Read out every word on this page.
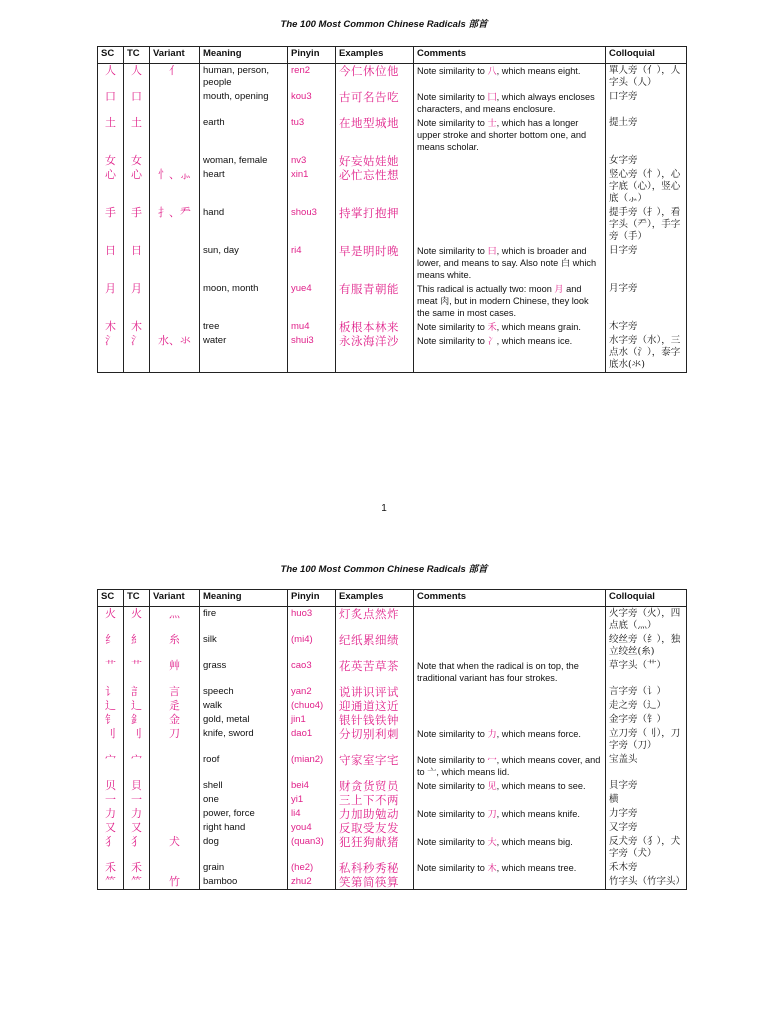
The 100 Most Common Chinese Radicals 部首
SC	TC	Variant	Meaning	Pinyin	Examples	Comments	Colloquial
人	人	亻	human, person, people	ren2	今仁休位他	Note similarity to 八, which means eight.	單人旁（亻），人字头（人）
口	口		mouth, opening	kou3	古可名告吃	Note similarity to 囗, which always encloses characters, and means enclosure.	口字旁
土	土		earth	tu3	在地型城地	Note similarity to 士, which has a longer upper stroke and shorter bottom one, and means scholar.	提土旁
女	女		woman, female	nv3	好妄姑娃她		女字旁
心	心	忄、⺗	heart	xin1	必忙忘性想		竖心旁（忄），心字底（心），竖心底（⺗）
手	手	扌、龵	hand	shou3	持掌打抱押		提手旁（扌），看字头（龵），手字旁（手）
日	日		sun, day	ri4	早是明时晚	Note similarity to 曰, which is broader and lower, and means to say. Also note 白 which means white.	日字旁
月	月		moon, month	yue4	有服青朝能	This radical is actually two: moon 月 and meat 肉, but in modern Chinese, they look the same in most cases.	月字旁
木	木		tree	mu4	板根本林来	Note similarity to 禾, which means grain.	木字旁
氵	氵	水、氺	water	shui3	永泳海洋沙	Note similarity to 冫, which means ice.	水字旁（水），三点水（氵），泰字底水(氺)
1
The 100 Most Common Chinese Radicals 部首
SC	TC	Variant	Meaning	Pinyin	Examples	Comments	Colloquial
火	火	灬	fire	huo3	灯炙点然炸		火字旁（火），四点底（灬）
纟	糹	糸	silk	(mi4)	纪纸累细绩		绞丝旁（纟），独立绞丝(糸)
艹	艹	艸	grass	cao3	花英苦草茶	Note that when the radical is on top, the traditional variant has four strokes.	草字头（艹）
讠	訁	言	speech	yan2	说讲识评试		言字旁（讠）
辶	辶	辵	walk	(chuo4)	迎通道这近		走之旁（辶）
钅	釒	金	gold, metal	jin1	银针钱铁钟		金字旁（钅）
刂	刂	刀	knife, sword	dao1	分切别利刺	Note similarity to 力, which means force.	立刀旁（刂），刀字旁（刀）
宀	宀		roof	(mian2)	守家室字宅	Note similarity to 冖, which means cover, and to 亠, which means lid.	宝盖头
贝	貝		shell	bei4	财贪货贸员	Note similarity to 见, which means to see.	貝字旁
一	一		one	yi1	三上下不两		横
力	力		power, force	li4	力加助勉动	Note similarity to 刀, which means knife.	力字旁
又	又		right hand	you4	反取受友发		又字旁
犭	犭	犬	dog	(quan3)	犯狂狗献猪	Note similarity to 大, which means big.	反犬旁（犭），犬字旁（犬）
禾	禾		grain	(he2)	私科秒秀秘	Note similarity to 木, which means tree.	禾木旁
⺮	⺮	竹	bamboo	zhu2	笑第简筷算		竹字头（竹字头）
